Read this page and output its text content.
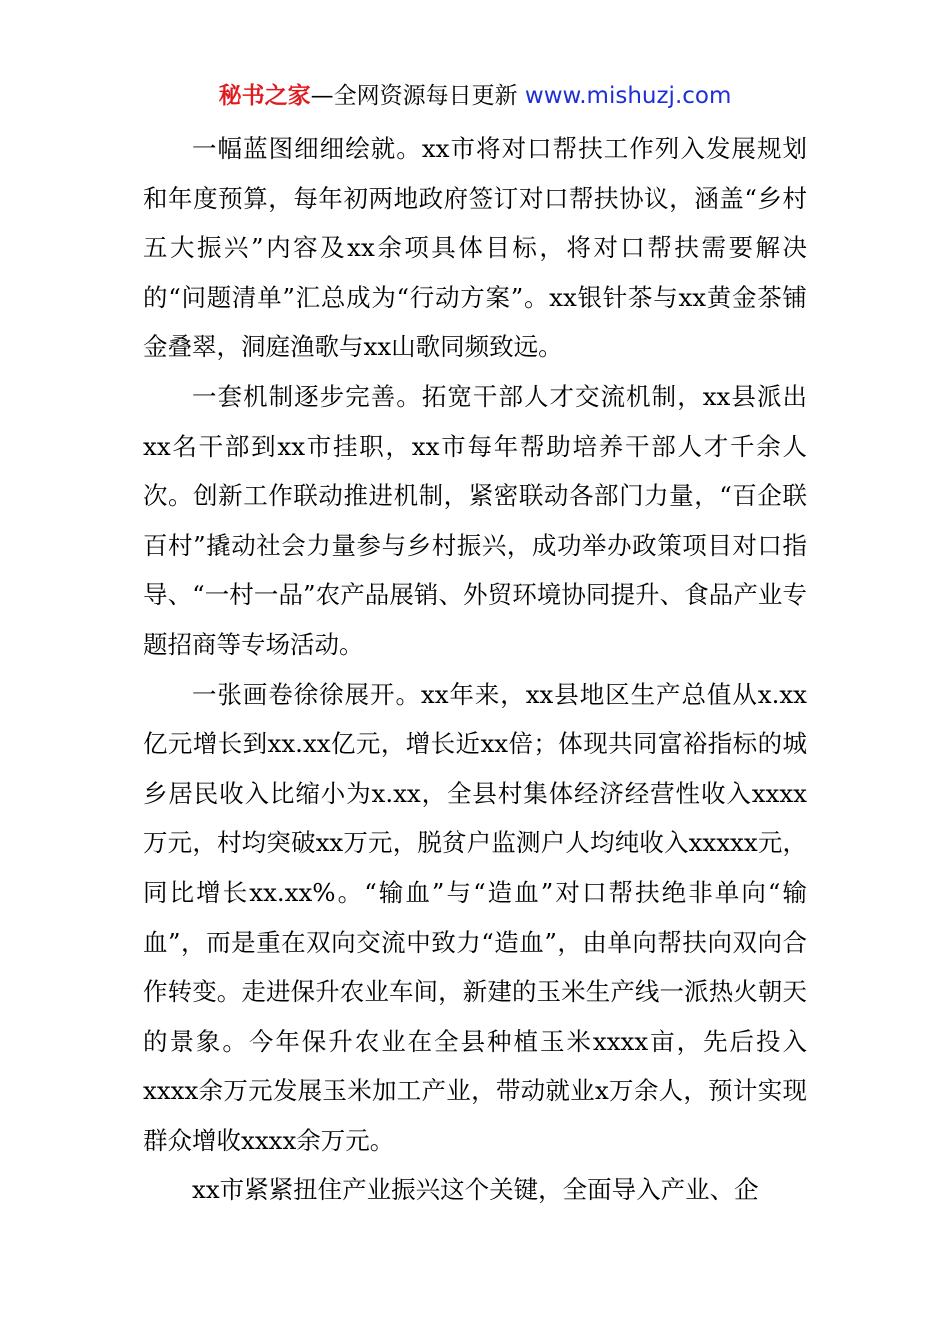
秘书之家—全网资源每日更新 www.mishuzj.com

一幅蓝图细细绘就。xx市将对口帮扶工作列入发展规划和年度预算，每年初两地政府签订对口帮扶协议，涵盖“乡村五大振兴”内容及xx余项具体目标，将对口帮扶需要解决的“问题清单”汇总成为“行动方案”。xx银针茶与xx黄金茶铺金叠翠，洞庭渔歌与xx山歌同频致远。

一套机制逐步完善。拓宽干部人才交流机制，xx县派出xx名干部到xx市挂职，xx市每年帮助培养干部人才千余人次。创新工作联动推进机制，紧密联动各部门力量，“百企联百村”撬动社会力量参与乡村振兴，成功举办政策项目对口指导、“一村一品”农产品展销、外贸环境协同提升、食品产业专题招商等专场活动。

一张画卷徐徐展开。xx年来，xx县地区生产总值从x.xx亿元增长到xx.xx亿元，增长近xx倍；体现共同富裕指标的城乡居民收入比缩小为x.xx，全县村集体经济经营性收入xxxx万元，村均突破xx万元，脱贫户监测户人均纯收入xxxxx元，同比增长xx.xx%。“输血”与“造血”对口帮扶绝非单向“输血”，而是重在双向交流中致力“造血”，由单向帮扶向双向合作转变。走进保升农业车间，新建的玉米生产线一派热火朝天的景象。今年保升农业在全县种植玉米xxxx亩，先后投入xxxx余万元发展玉米加工产业，带动就业x万余人，预计实现群众增收xxxx余万元。

xx市紧紧扭住产业振兴这个关键，全面导入产业、企
